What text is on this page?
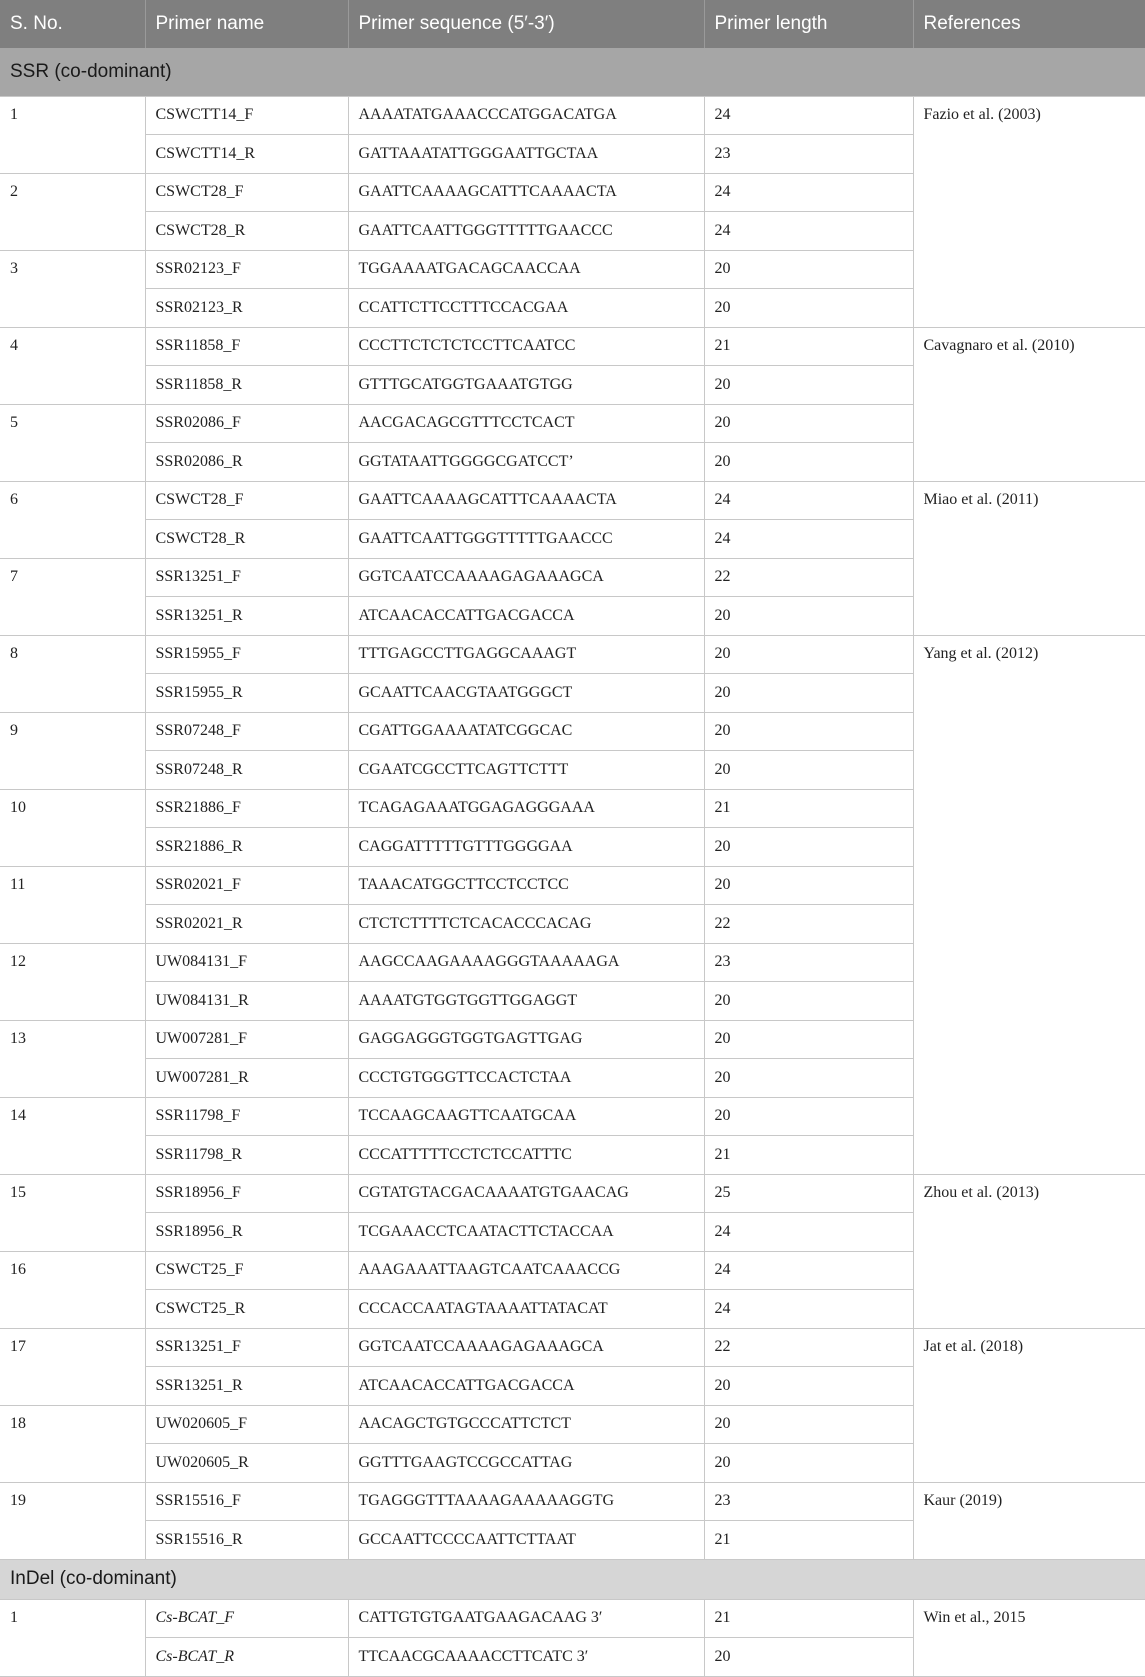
S. No.	Primer name	Primer sequence (5′-3′)	Primer length	References
SSR (co-dominant)				
1	CSWCTT14_F	AAAATATGAAACCCATGGACATGA	24	Fazio et al. (2003)
	CSWCTT14_R	GATTAAATATTGGGAATTGCTAA	23	
2	CSWCT28_F	GAATTCAAAAGCATTTCAAAACTA	24	
	CSWCT28_R	GAATTCAATTGGGTTTTTGAACCC	24	
3	SSR02123_F	TGGAAAATGACAGCAACCAA	20	
	SSR02123_R	CCATTCTTCCTTTCCACGAA	20	
4	SSR11858_F	CCCTTCTCTCTCCTTCAATCC	21	Cavagnaro et al. (2010)
	SSR11858_R	GTTTGCATGGTGAAATGTGG	20	
5	SSR02086_F	AACGACAGCGTTTCCTCACT	20	
	SSR02086_R	GGTATAATTGGGGCGATCCT’	20	
6	CSWCT28_F	GAATTCAAAAGCATTTCAAAACTA	24	Miao et al. (2011)
	CSWCT28_R	GAATTCAATTGGGTTTTTGAACCC	24	
7	SSR13251_F	GGTCAATCCAAAAGAGAAAGCA	22	
	SSR13251_R	ATCAACACCATTGACGACCA	20	
8	SSR15955_F	TTTGAGCCTTGAGGCAAAGT	20	Yang et al. (2012)
	SSR15955_R	GCAATTCAACGTAATGGGCT	20	
9	SSR07248_F	CGATTGGAAAATATCGGCAC	20	
	SSR07248_R	CGAATCGCCTTCAGTTCTTT	20	
10	SSR21886_F	TCAGAGAAATGGAGAGGGAAA	21	
	SSR21886_R	CAGGATTTTTGTTTGGGGAA	20	
11	SSR02021_F	TAAACATGGCTTCCTCCTCC	20	
	SSR02021_R	CTCTCTTTTCTCACACCCACAG	22	
12	UW084131_F	AAGCCAAGAAAAGGGTAAAAAGA	23	
	UW084131_R	AAAATGTGGTGGTTGGAGGT	20	
13	UW007281_F	GAGGAGGGTGGTGAGTTGAG	20	
	UW007281_R	CCCTGTGGGTTCCACTCTAA	20	
14	SSR11798_F	TCCAAGCAAGTTCAATGCAA	20	
	SSR11798_R	CCCATTTTTCCTCTCCATTTC	21	
15	SSR18956_F	CGTATGTACGACAAAATGTGAACAG	25	Zhou et al. (2013)
	SSR18956_R	TCGAAACCTCAATACTTCTACCAA	24	
16	CSWCT25_F	AAAGAAATTAAGTCAATCAAACCG	24	
	CSWCT25_R	CCCACCAATAGTAAAATTATACAT	24	
17	SSR13251_F	GGTCAATCCAAAAGAGAAAGCA	22	Jat et al. (2018)
	SSR13251_R	ATCAACACCATTGACGACCA	20	
18	UW020605_F	AACAGCTGTGCCCATTCTCT	20	
	UW020605_R	GGTTTGAAGTCCGCCATTAG	20	
19	SSR15516_F	TGAGGGTTTAAAAGAAAAAGGTG	23	Kaur (2019)
	SSR15516_R	GCCAATTCCCCAATTCTTAAT	21	
InDel (co-dominant)				
1	Cs-BCAT_F	CATTGTGTGAATGAAGACAAG 3′	21	Win et al., 2015
	Cs-BCAT_R	TTCAACGCAAAACCTTCATC 3′	20	
